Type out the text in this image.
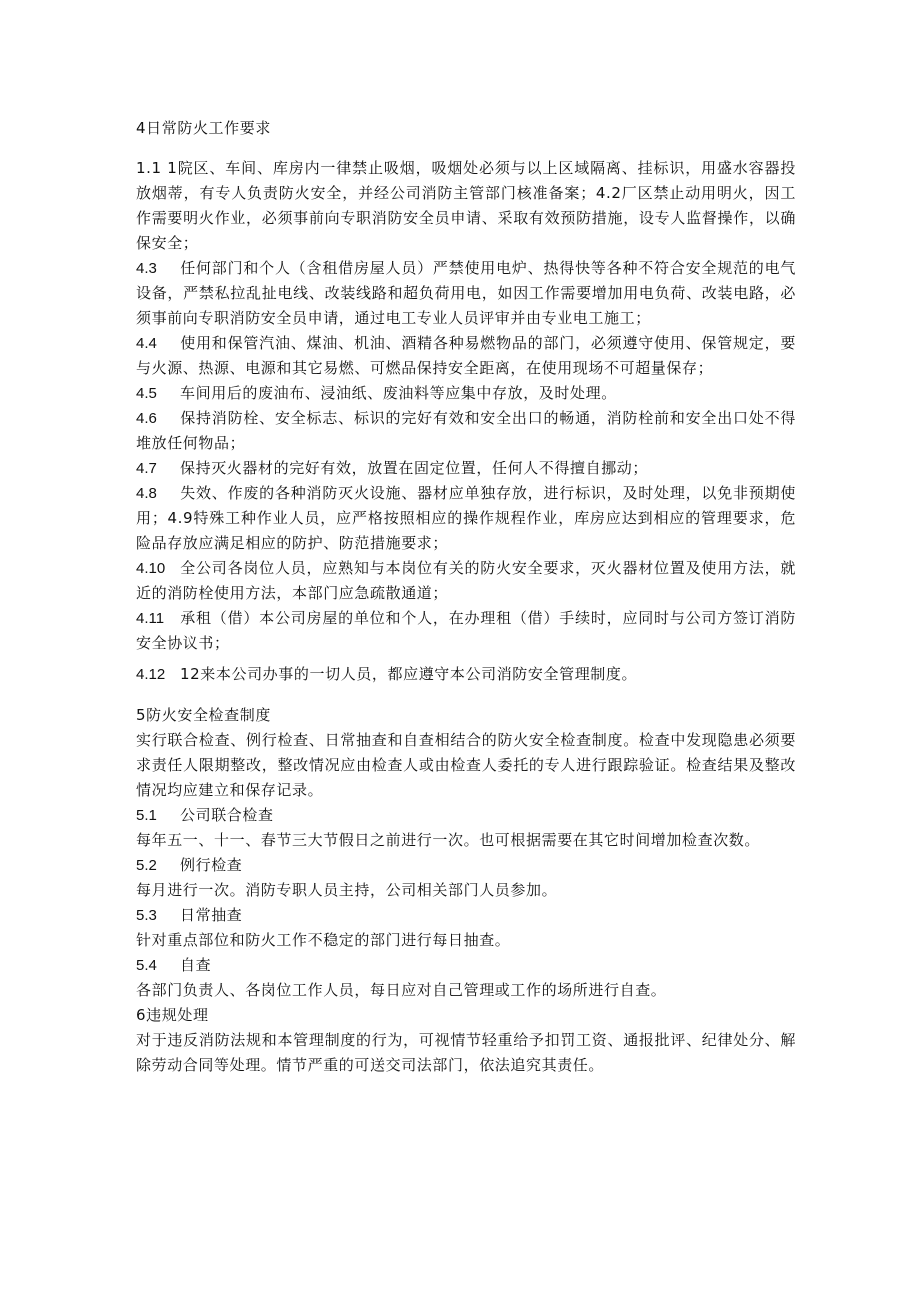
4日常防火工作要求

1.1 1院区、车间、库房内一律禁止吸烟，吸烟处必须与以上区域隔离、挂标识，用盛水容器投放烟蒂，有专人负责防火安全，并经公司消防主管部门核准备案；4.2厂区禁止动用明火，因工作需要明火作业，必须事前向专职消防安全员申请、采取有效预防措施，设专人监督操作，以确保安全；

4.3 任何部门和个人（含租借房屋人员）严禁使用电炉、热得快等各种不符合安全规范的电气设备，严禁私拉乱扯电线、改装线路和超负荷用电，如因工作需要增加用电负荷、改装电路，必须事前向专职消防安全员申请，通过电工专业人员评审并由专业电工施工；

4.4 使用和保管汽油、煤油、机油、酒精各种易燃物品的部门，必须遵守使用、保管规定，要与火源、热源、电源和其它易燃、可燃品保持安全距离，在使用现场不可超量保存；

4.5 车间用后的废油布、浸油纸、废油料等应集中存放，及时处理。

4.6 保持消防栓、安全标志、标识的完好有效和安全出口的畅通，消防栓前和安全出口处不得堆放任何物品；

4.7 保持灭火器材的完好有效，放置在固定位置，任何人不得擅自挪动；

4.8 失效、作废的各种消防灭火设施、器材应单独存放，进行标识，及时处理，以免非预期使用；4.9特殊工种作业人员，应严格按照相应的操作规程作业，库房应达到相应的管理要求，危险品存放应满足相应的防护、防范措施要求；

4.10 全公司各岗位人员，应熟知与本岗位有关的防火安全要求，灭火器材位置及使用方法，就近的消防栓使用方法，本部门应急疏散通道；

4.11 承租（借）本公司房屋的单位和个人，在办理租（借）手续时，应同时与公司方签订消防安全协议书；

4.12 12来本公司办事的一切人员，都应遵守本公司消防安全管理制度。

5防火安全检查制度

实行联合检查、例行检查、日常抽查和自查相结合的防火安全检查制度。检查中发现隐患必须要求责任人限期整改，整改情况应由检查人或由检查人委托的专人进行跟踪验证。检查结果及整改情况均应建立和保存记录。

5.1 公司联合检查

每年五一、十一、春节三大节假日之前进行一次。也可根据需要在其它时间增加检查次数。

5.2 例行检查

每月进行一次。消防专职人员主持，公司相关部门人员参加。

5.3 日常抽查

针对重点部位和防火工作不稳定的部门进行每日抽查。

5.4 自查

各部门负责人、各岗位工作人员，每日应对自己管理或工作的场所进行自查。

6违规处理

对于违反消防法规和本管理制度的行为，可视情节轻重给予扣罚工资、通报批评、纪律处分、解除劳动合同等处理。情节严重的可送交司法部门，依法追究其责任。
